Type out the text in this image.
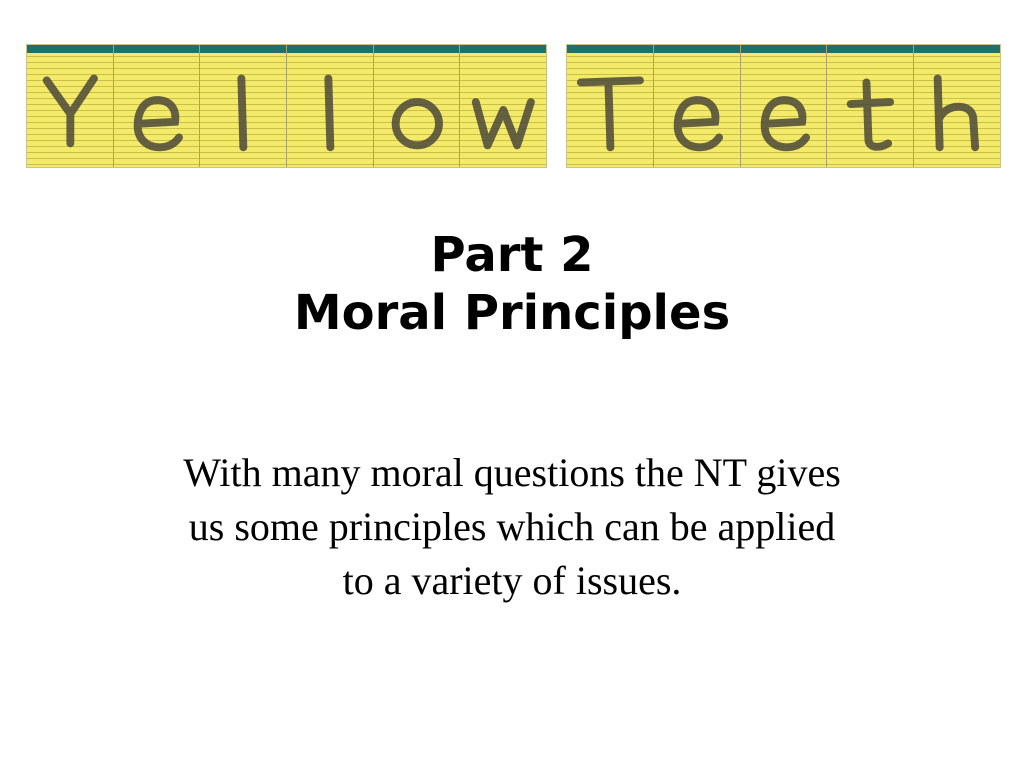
Part 2
Moral Principles
With many moral questions the NT gives us some principles which can be applied to a variety of issues.
